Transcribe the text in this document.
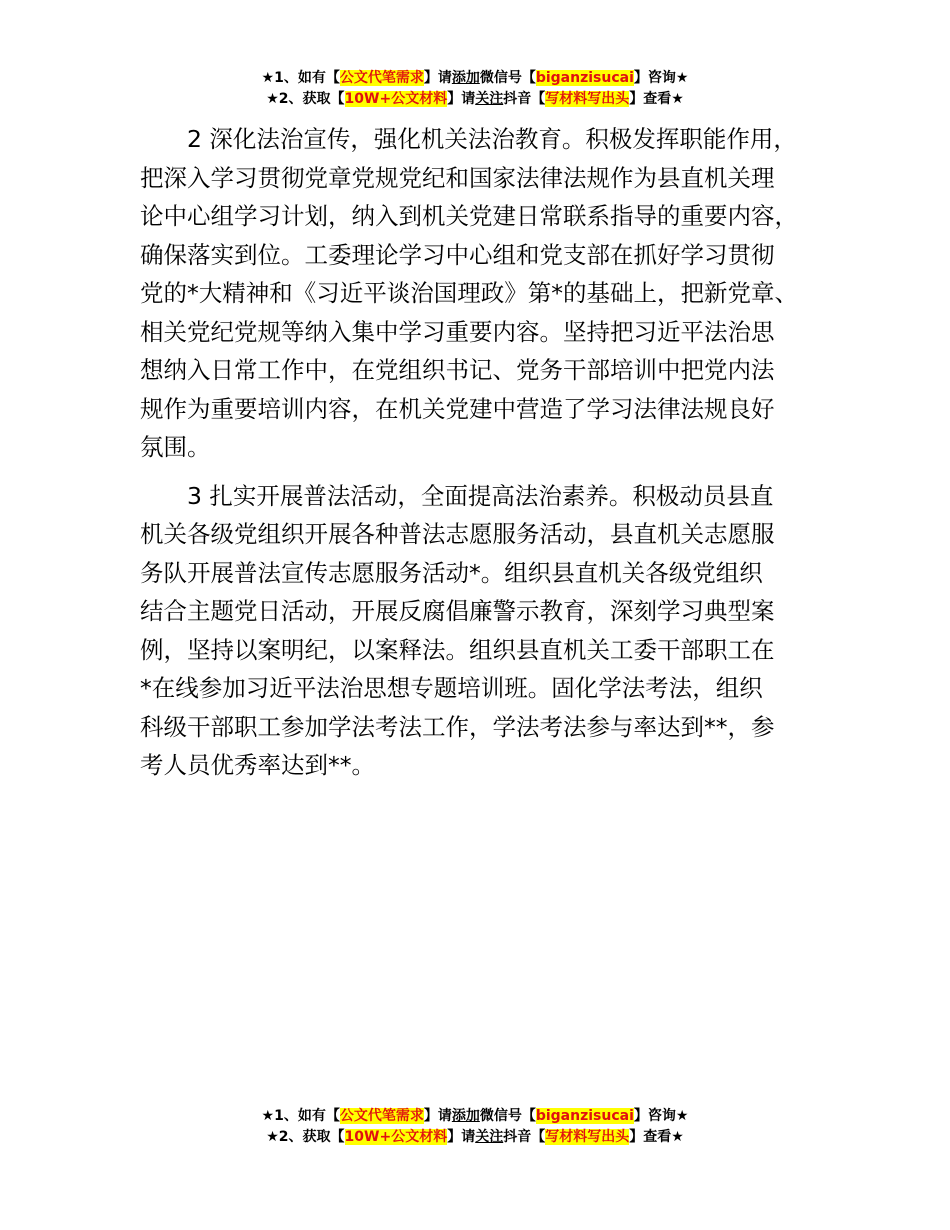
★1、如有【公文代笔需求】请添加微信号【biganzisucai】咨询★
★2、获取【10W+公文材料】请关注抖音【写材料写出头】查看★
2 深化法治宣传，强化机关法治教育。积极发挥职能作用，
把深入学习贯彻党章党规党纪和国家法律法规作为县直机关理
论中心组学习计划，纳入到机关党建日常联系指导的重要内容，
确保落实到位。工委理论学习中心组和党支部在抓好学习贯彻
党的*大精神和《习近平谈治国理政》第*的基础上，把新党章、
相关党纪党规等纳入集中学习重要内容。坚持把习近平法治思
想纳入日常工作中，在党组织书记、党务干部培训中把党内法
规作为重要培训内容，在机关党建中营造了学习法律法规良好
氛围。
3 扎实开展普法活动，全面提高法治素养。积极动员县直
机关各级党组织开展各种普法志愿服务活动，县直机关志愿服
务队开展普法宣传志愿服务活动*。组织县直机关各级党组织
结合主题党日活动，开展反腐倡廉警示教育，深刻学习典型案
例，坚持以案明纪，以案释法。组织县直机关工委干部职工在
*在线参加习近平法治思想专题培训班。固化学法考法，组织
科级干部职工参加学法考法工作，学法考法参与率达到**，参
考人员优秀率达到**。
★1、如有【公文代笔需求】请添加微信号【biganzisucai】咨询★
★2、获取【10W+公文材料】请关注抖音【写材料写出头】查看★
